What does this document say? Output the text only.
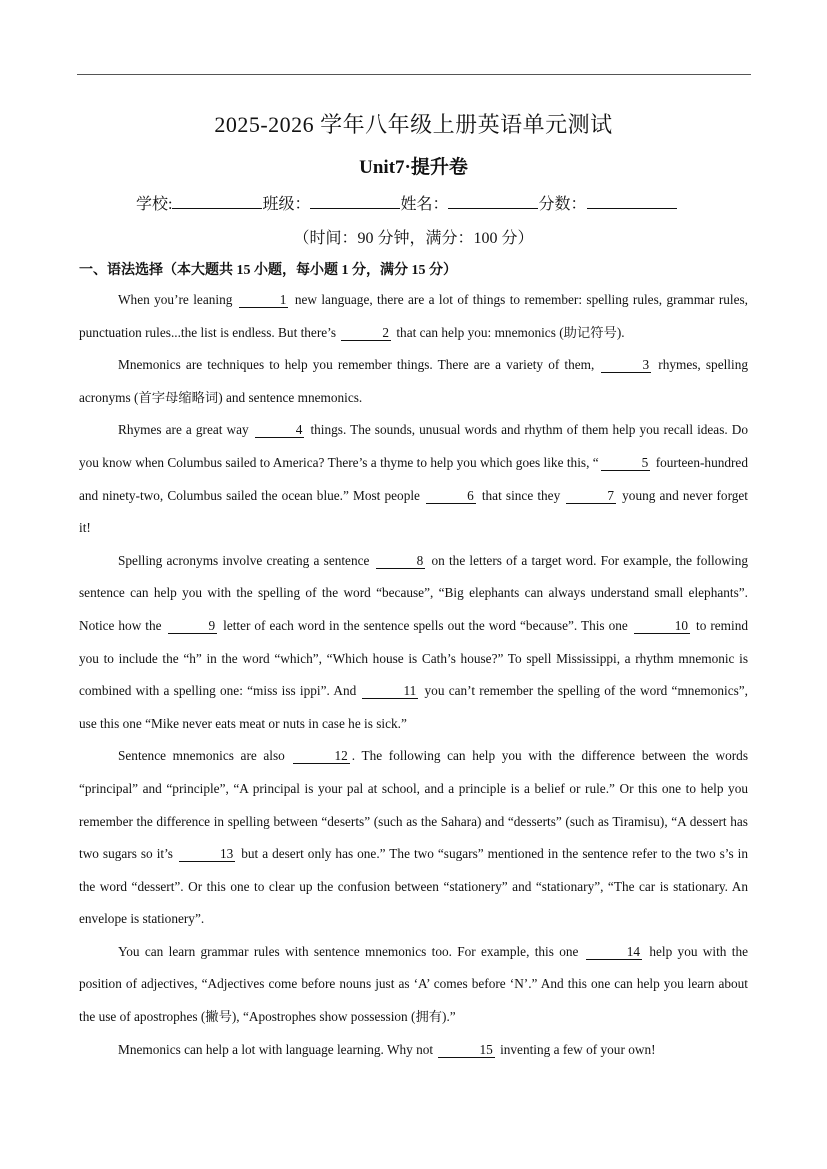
2025-2026 学年八年级上册英语单元测试
Unit7·提升卷
学校:	班级：	姓名：	分数：
（时间：90 分钟，满分：100 分）
一、语法选择（本大题共 15 小题，每小题 1 分，满分 15 分）

When you’re leaning	1 new language, there are a lot of things to remember: spelling rules, grammar rules, punctuation rules...the list is endless. But there’s	2 that can help you: mnemonics (助记符号).

Mnemonics are techniques to help you remember things. There are a variety of them,	3 rhymes, spelling acronyms (首字母缩略词) and sentence mnemonics.

Rhymes are a great way	4 things. The sounds, unusual words and rhythm of them help you recall ideas. Do you know when Columbus sailed to America? There’s a thyme to help you which goes like this, “	5 fourteen-hundred and ninety-two, Columbus sailed the ocean blue.” Most people	6 that since they	7 young and never forget it!

Spelling acronyms involve creating a sentence	8 on the letters of a target word. For example, the following sentence can help you with the spelling of the word “because”, “Big elephants can always understand small elephants”. Notice how the	9 letter of each word in the sentence spells out the word “because”. This one	10 to remind you to include the “h” in the word “which”, “Which house is Cath’s house?” To spell Mississippi, a rhythm mnemonic is combined with a spelling one: “miss iss ippi”. And	11 you can’t remember the spelling of the word “mnemonics”, use this one “Mike never eats meat or nuts in case he is sick.”

Sentence mnemonics are also	12 . The following can help you with the difference between the words “principal” and “principle”, “A principal is your pal at school, and a principle is a belief or rule.” Or this one to help you remember the difference in spelling between “deserts” (such as the Sahara) and “desserts” (such as Tiramisu), “A dessert has two sugars so it’s	13 but a desert only has one.” The two “sugars” mentioned in the sentence refer to the two s’s in the word “dessert”. Or this one to clear up the confusion between “stationery” and “stationary”, “The car is stationary. An envelope is stationery”.

You can learn grammar rules with sentence mnemonics too. For example, this one	14 help you with the position of adjectives, “Adjectives come before nouns just as ‘A’ comes before ‘N’.” And this one can help you learn about the use of apostrophes (撇号), “Apostrophes show possession (拥有).”

Mnemonics can help a lot with language learning. Why not	15 inventing a few of your own!
